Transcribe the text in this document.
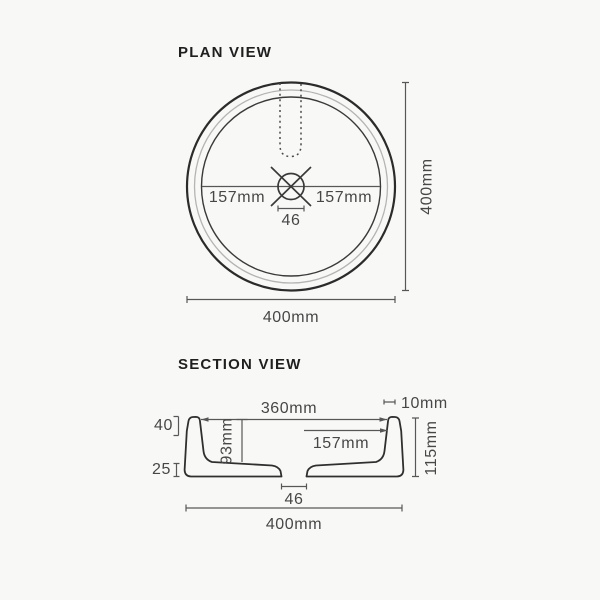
PLAN VIEW
157mm	157mm
46
400mm
400mm
SECTION VIEW
360mm	10mm
157mm
93mm
40
25	115mm
46
400mm
